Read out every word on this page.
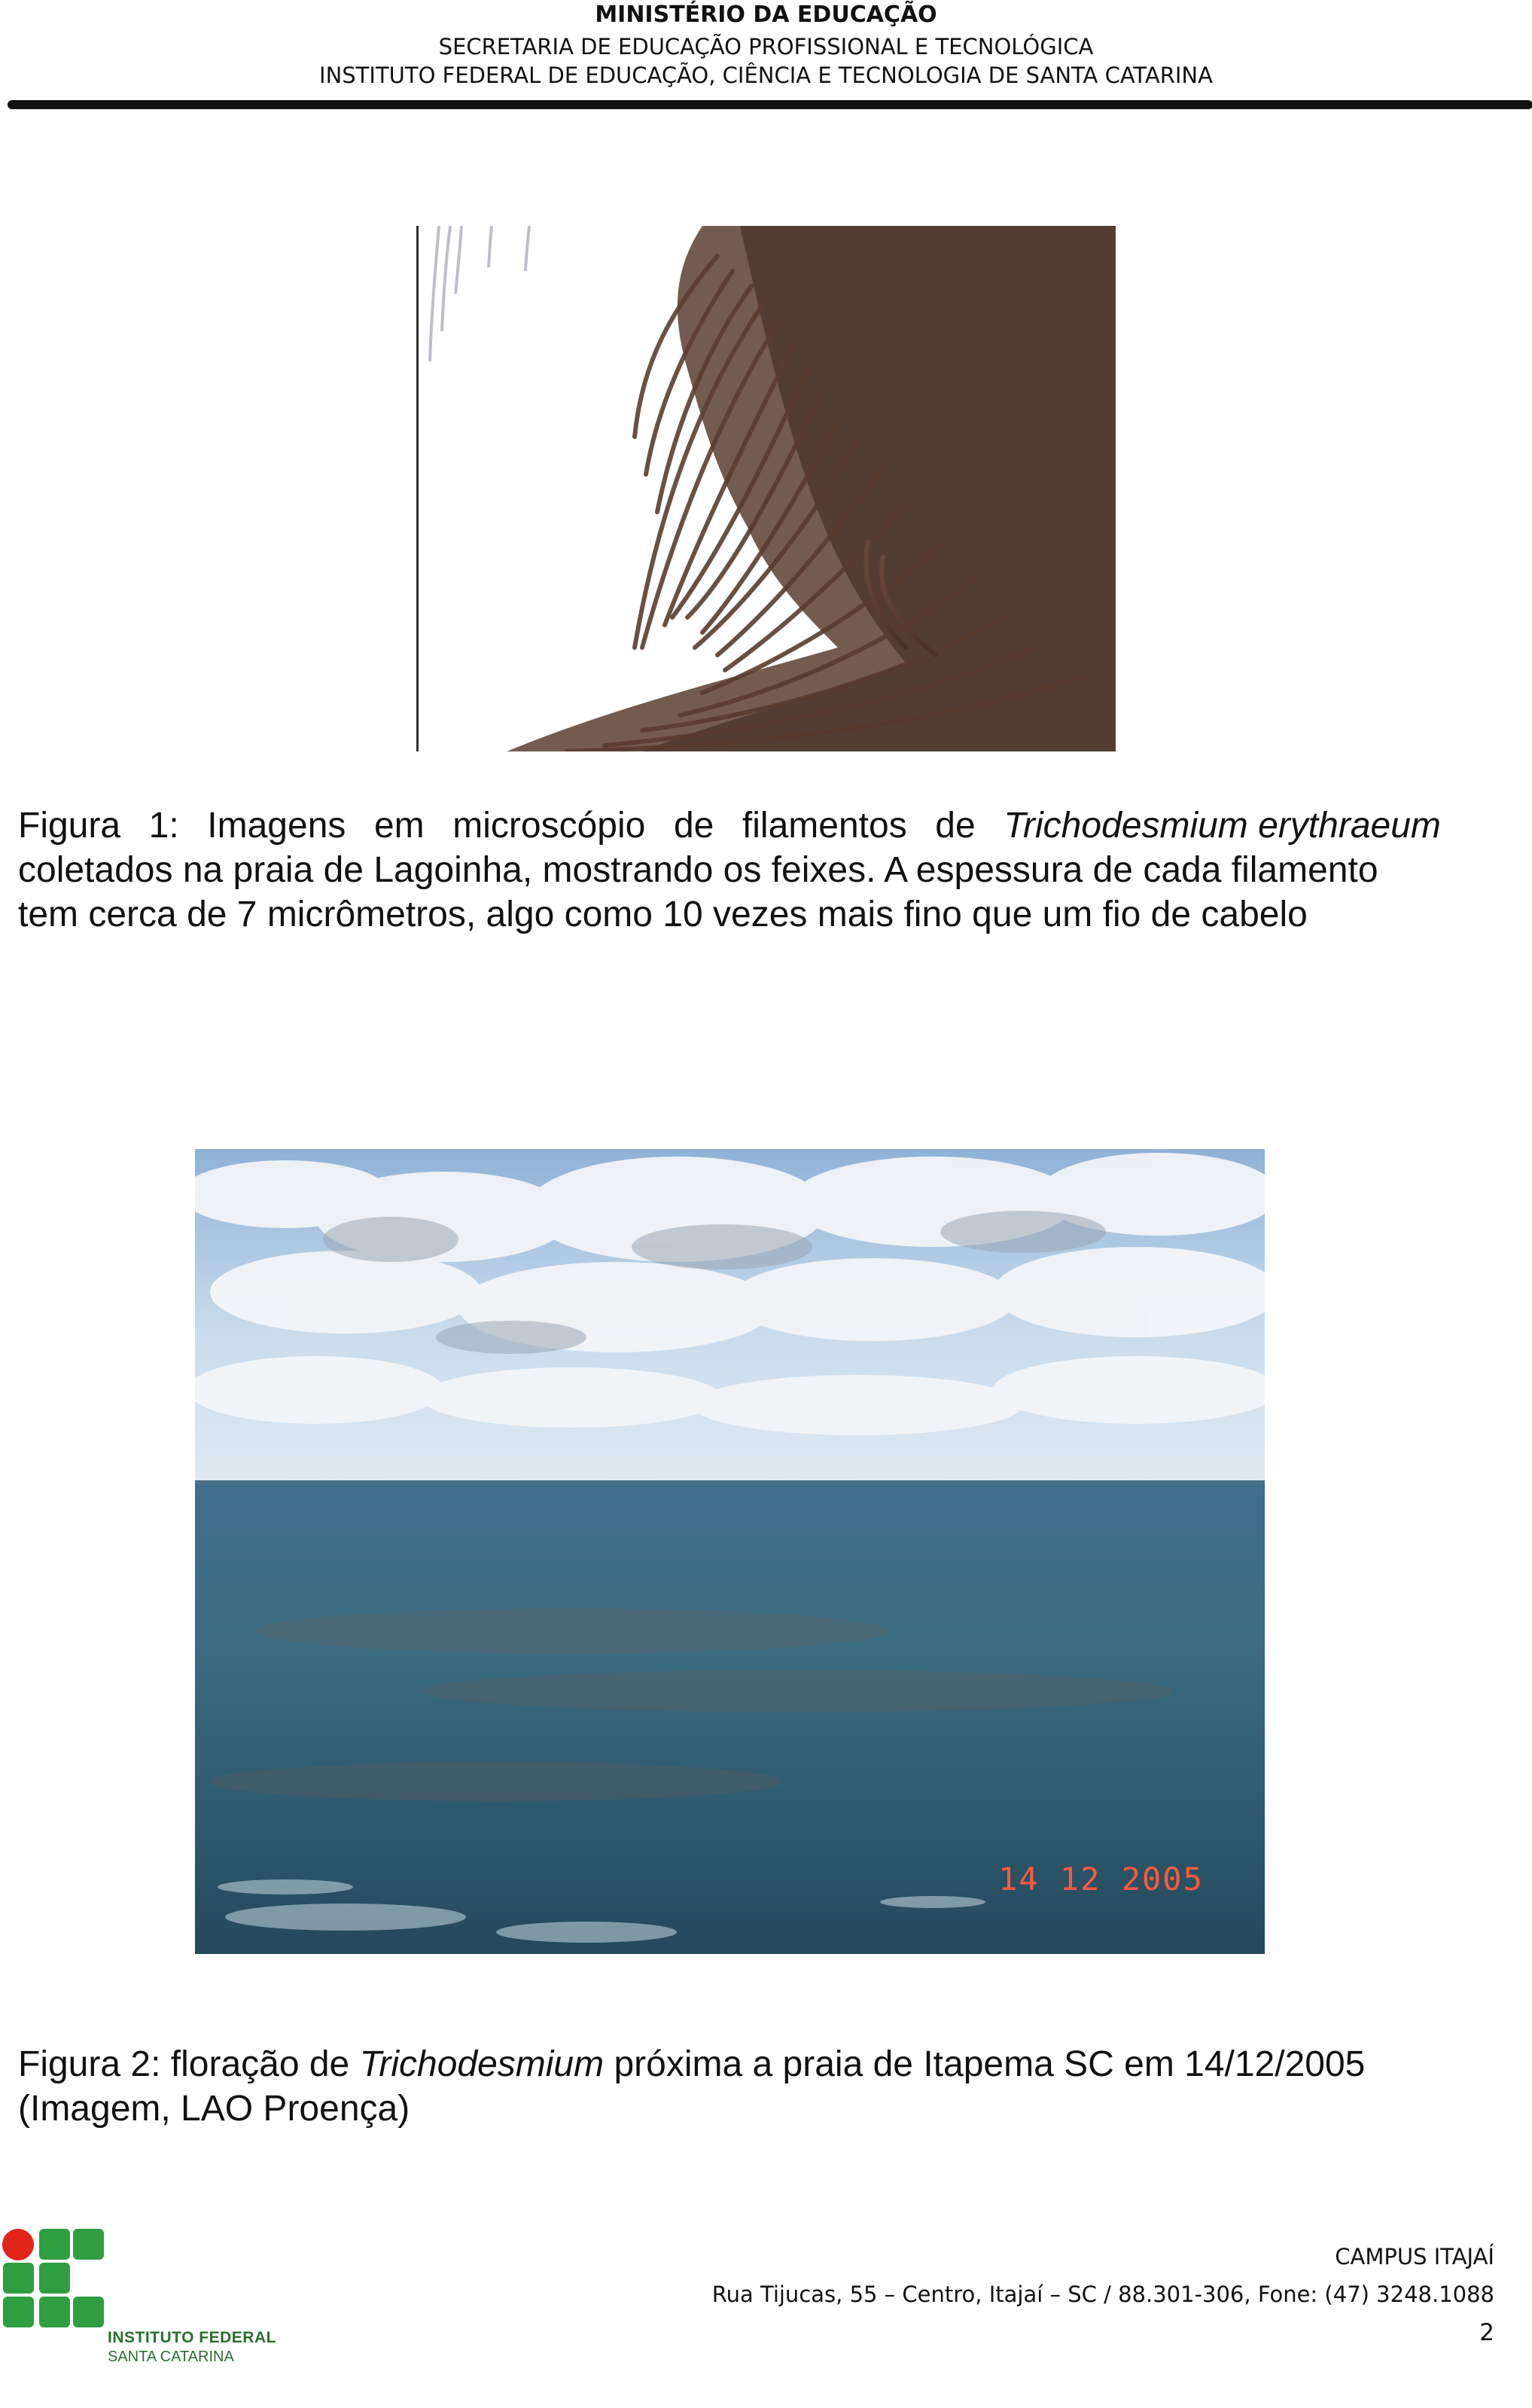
MINISTÉRIO DA EDUCAÇÃO
SECRETARIA DE EDUCAÇÃO PROFISSIONAL E TECNOLÓGICA
INSTITUTO FEDERAL DE EDUCAÇÃO, CIÊNCIA E TECNOLOGIA DE SANTA CATARINA
Figura 1: Imagens em microscópio de filamentos de Trichodesmium erythraeum
coletados na praia de Lagoinha, mostrando os feixes. A espessura de cada filamento
tem cerca de 7 micrômetros, algo como 10 vezes mais fino que um fio de cabelo
14 12 2005
Figura 2: floração de Trichodesmium próxima a praia de Itapema SC em 14/12/2005
(Imagem, LAO Proença)
INSTITUTO FEDERAL
SANTA CATARINA
CAMPUS ITAJAÍ
Rua Tijucas, 55 – Centro, Itajaí – SC / 88.301-306, Fone: (47) 3248.1088
2
